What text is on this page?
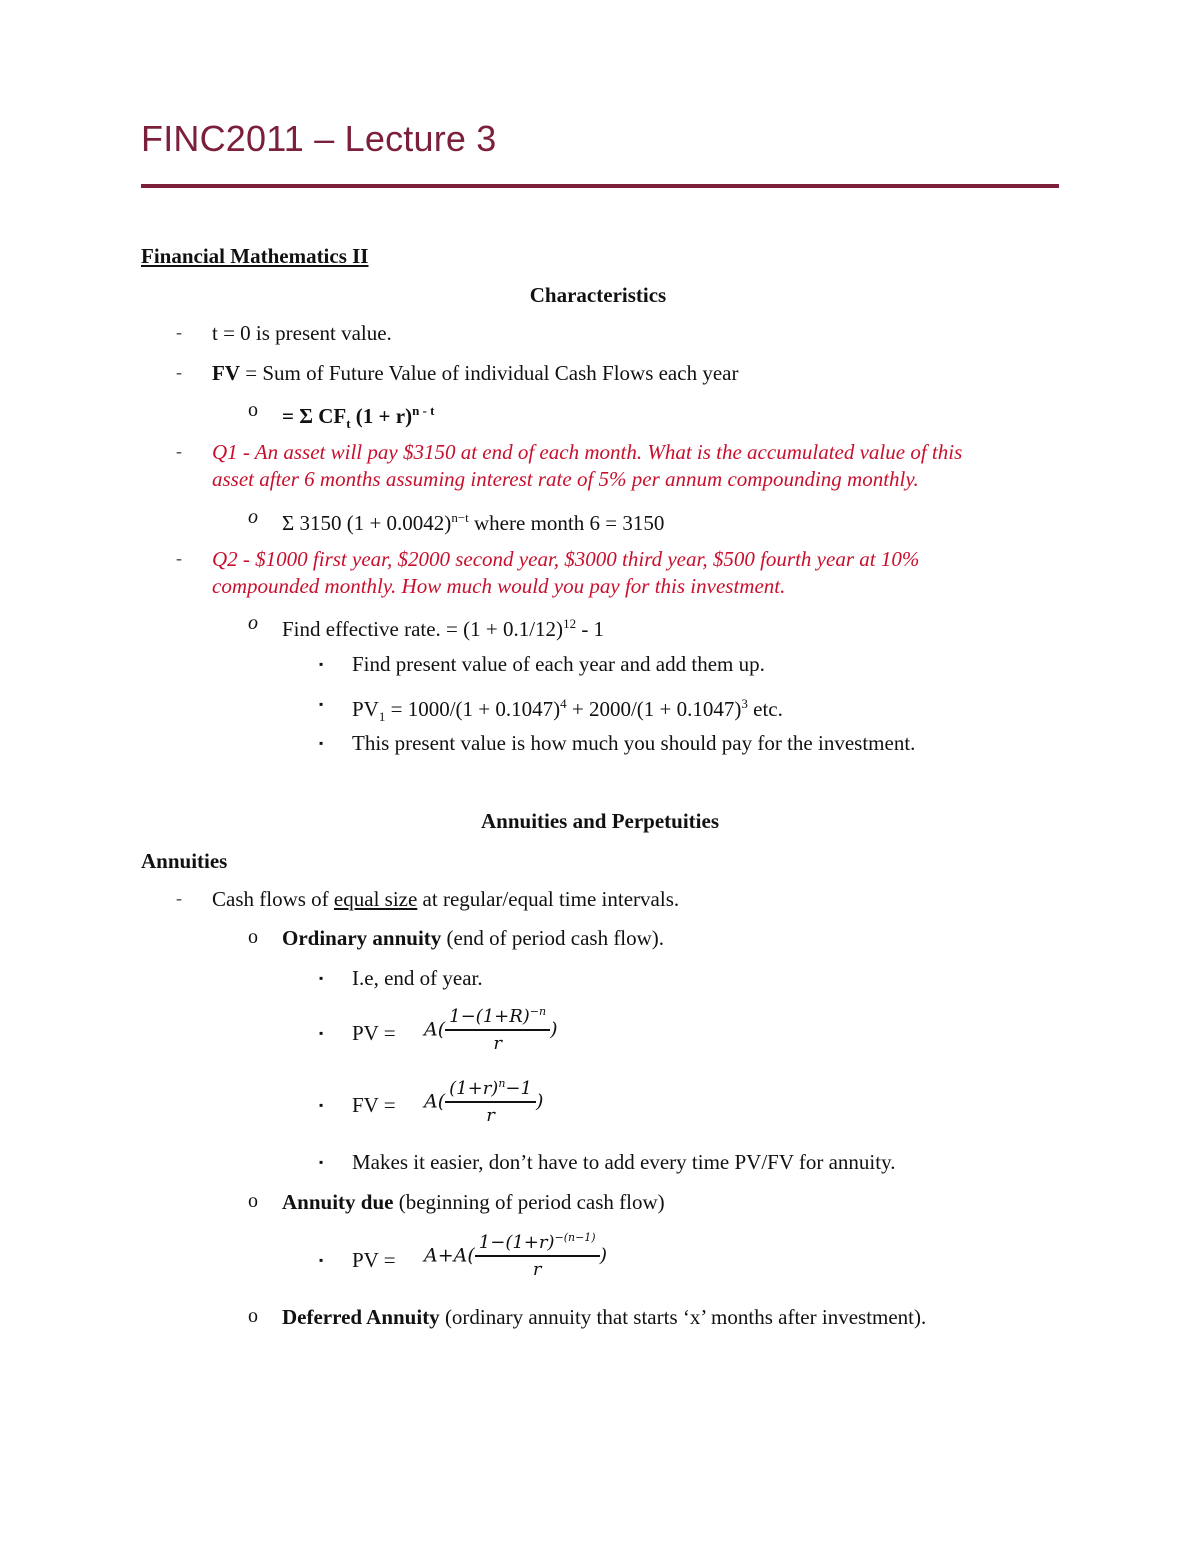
FINC2011 – Lecture 3
Financial Mathematics II
Characteristics
- t = 0 is present value.
- FV = Sum of Future Value of individual Cash Flows each year
o = Σ $CF_t$ $(1 + r)^{n - t}$
- Q1 - An asset will pay $3150 at end of each month. What is the accumulated value of this
asset after 6 months assuming interest rate of 5% per annum compounding monthly.
o Σ 3150 $(1 + 0.0042)^{n-t}$ where month 6 = 3150
- Q2 - $1000 first year, $2000 second year, $3000 third year, $500 fourth year at 10%
compounded monthly. How much would you pay for this investment.
o Find effective rate. = $(1 + 0.1/12)^{12} - 1$
▪ Find present value of each year and add them up.
▪ $PV_1 = 1000/(1 + 0.1047)^4 + 2000/(1 + 0.1047)^3$ etc.
▪ This present value is how much you should pay for the investment.
Annuities and Perpetuities
Annuities
- Cash flows of equal size at regular/equal time intervals.
o Ordinary annuity (end of period cash flow).
▪ I.e, end of year.
▪ PV = $A( \frac{1-(1+R)^{-n}}{r}$ )
▪ FV = $A( \frac{(1+r)^n-1}{r}$ )
▪ Makes it easier, don’t have to add every time PV/FV for annuity.
o Annuity due (beginning of period cash flow)
▪ PV = $A+A( \frac{1-(1+r)^{-(n-1)}}{r}$ )
o Deferred Annuity (ordinary annuity that starts ‘x’ months after investment).
